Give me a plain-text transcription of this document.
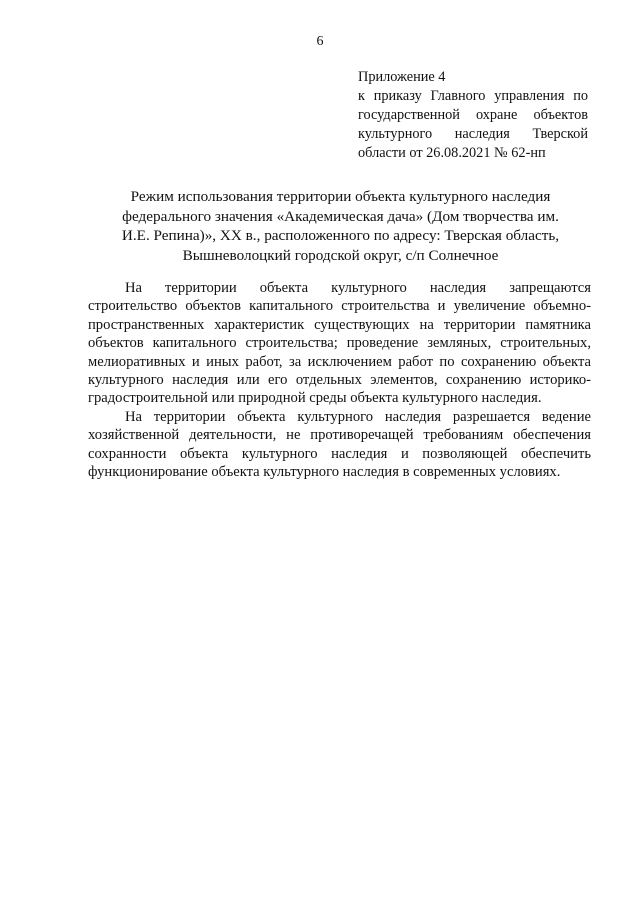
6
Приложение 4
к приказу Главного управления по
государственной охране объектов
культурного наследия Тверской
области от 26.08.2021 № 62-нп
Режим использования территории объекта культурного наследия
федерального значения «Академическая дача» (Дом творчества им.
И.Е. Репина)», XX в., расположенного по адресу: Тверская область,
Вышневолоцкий городской округ, с/п Солнечное
На территории объекта культурного наследия запрещаются
строительство объектов капитального строительства и увеличение объемно-
пространственных характеристик существующих на территории памятника
объектов капитального строительства; проведение земляных, строительных,
мелиоративных и иных работ, за исключением работ по сохранению объекта
культурного наследия или его отдельных элементов, сохранению историко-
градостроительной или природной среды объекта культурного наследия.
На территории объекта культурного наследия разрешается ведение
хозяйственной деятельности, не противоречащей требованиям обеспечения
сохранности объекта культурного наследия и позволяющей обеспечить
функционирование объекта культурного наследия в современных условиях.
